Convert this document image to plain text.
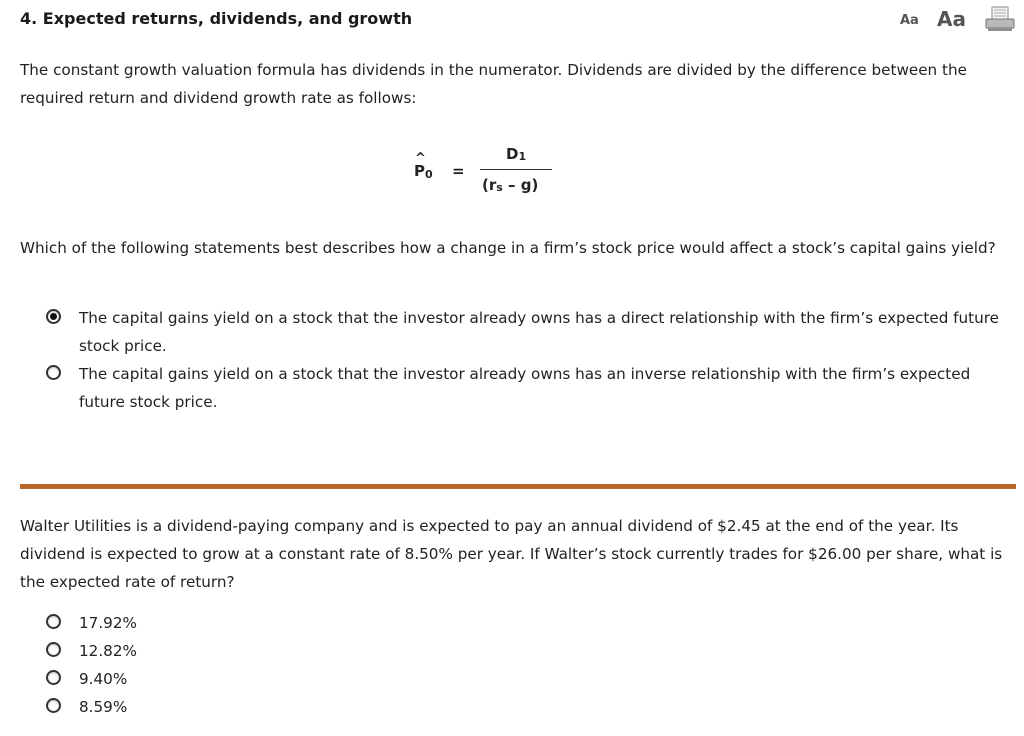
4. Expected returns, dividends, and growth	Aa Aa
The constant growth valuation formula has dividends in the numerator. Dividends are divided by the difference between the required return and dividend growth rate as follows:
^
P0 =
$D_1$
$(r_s - g)$
Which of the following statements best describes how a change in a firm’s stock price would affect a stock’s capital gains yield?
The capital gains yield on a stock that the investor already owns has a direct relationship with the firm’s expected future stock price.
The capital gains yield on a stock that the investor already owns has an inverse relationship with the firm’s expected future stock price.
Walter Utilities is a dividend-paying company and is expected to pay an annual dividend of $2.45 at the end of the year. Its dividend is expected to grow at a constant rate of 8.50% per year. If Walter’s stock currently trades for $26.00 per share, what is the expected rate of return?
17.92%
12.82%
9.40%
8.59%
